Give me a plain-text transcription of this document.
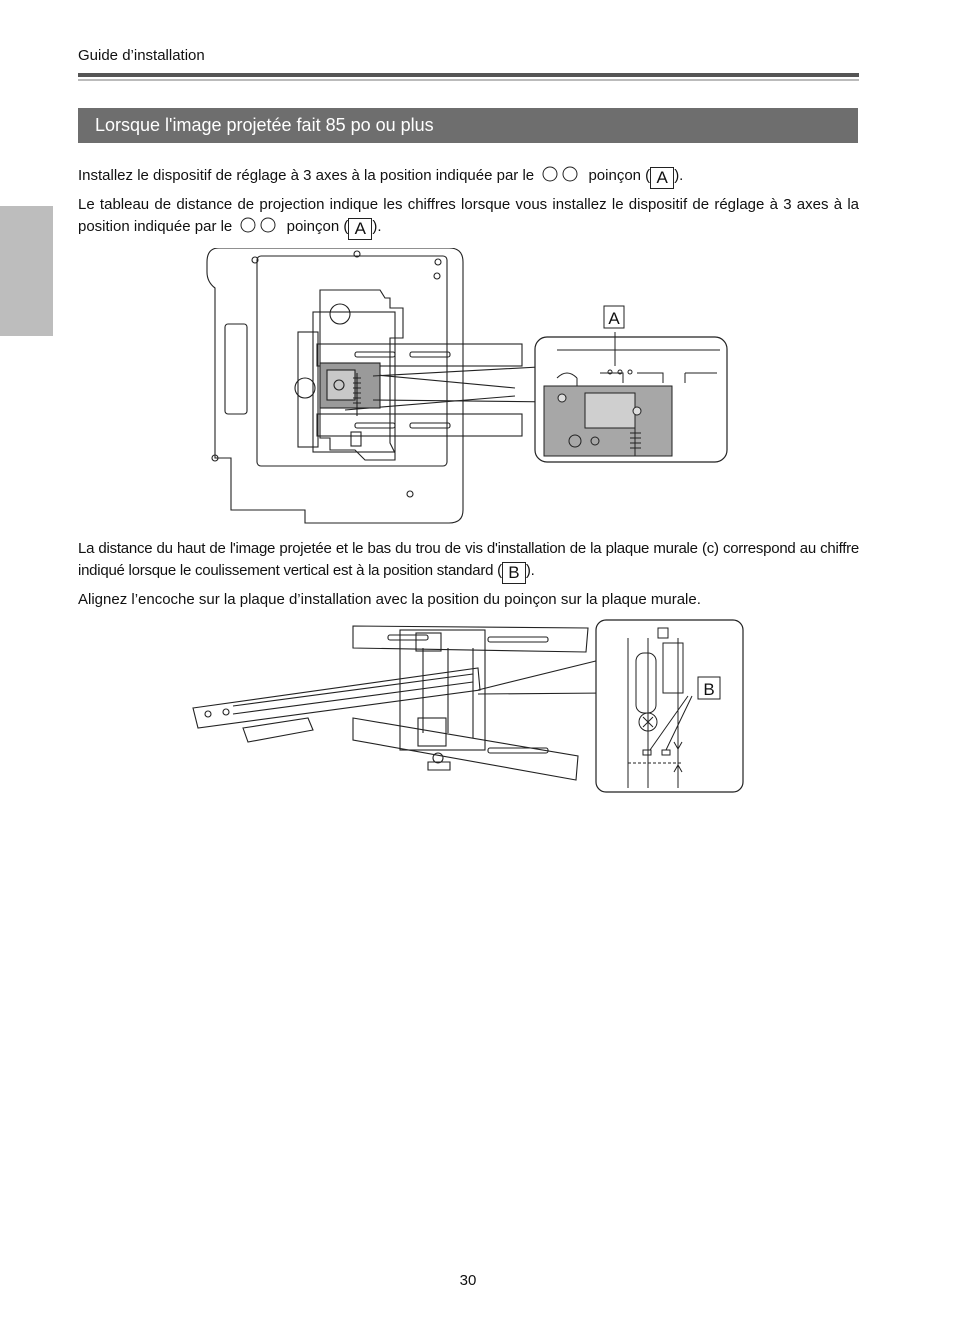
Guide d’installation
Lorsque l'image projetée fait 85 po ou plus
Installez le dispositif de réglage à 3 axes à la position indiquée par le	poinçon ( A ).
Le tableau de distance de projection indique les chiffres lorsque vous installez le dispositif de réglage à 3 axes à la position indiquée par le	poinçon ( A ).
A
La distance du haut de l'image projetée et le bas du trou de vis d'installation de la plaque murale (c) correspond au chiffre indiqué lorsque le coulissement vertical est à la position standard ( B ).
Alignez l’encoche sur la plaque d’installation avec la position du poinçon sur la plaque murale.
B
30
